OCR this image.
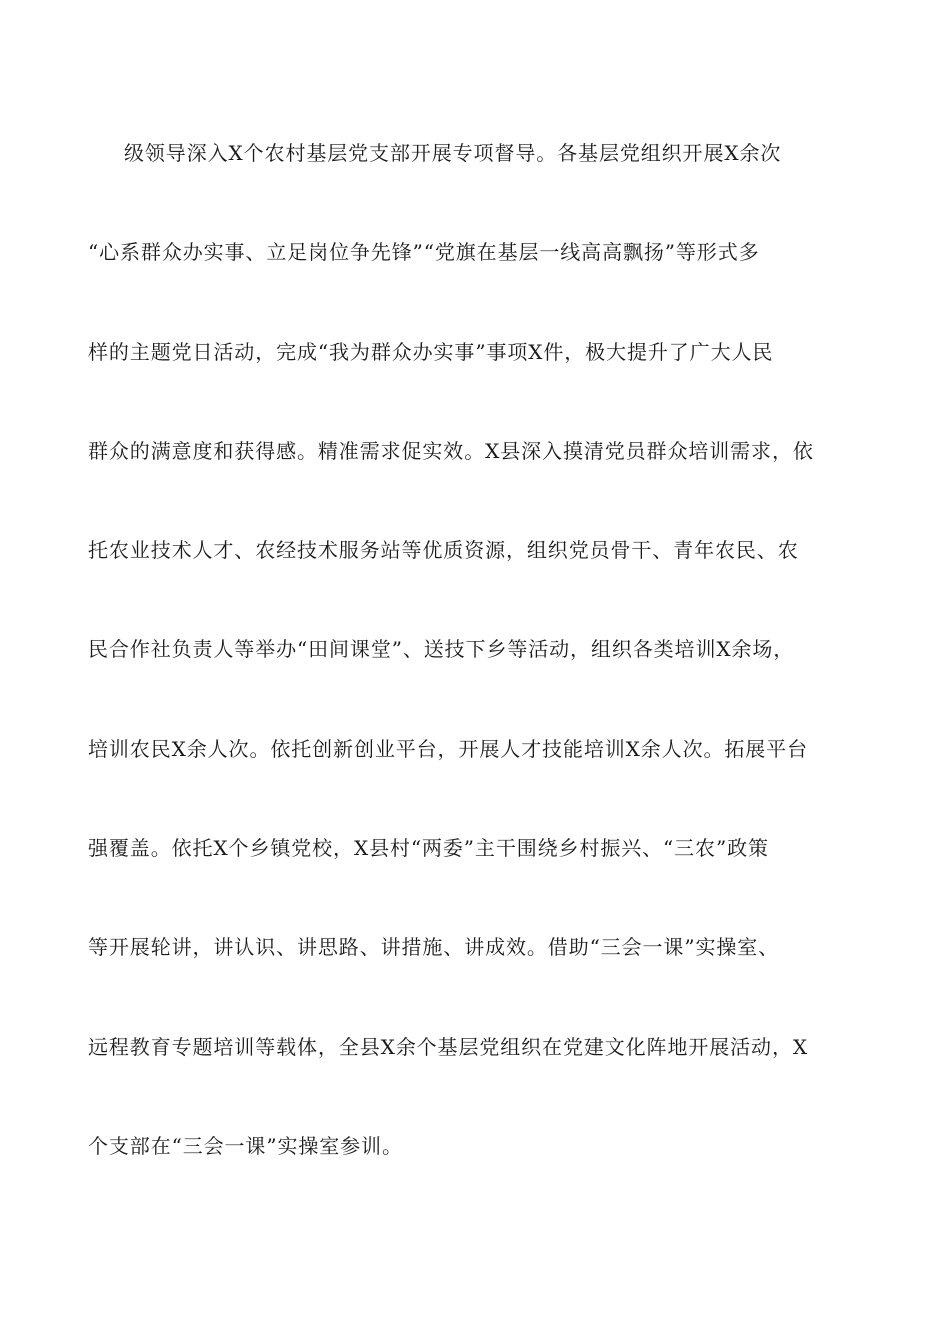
级领导深入X个农村基层党支部开展专项督导。各基层党组织开展X余次
“心系群众办实事、立足岗位争先锋”“党旗在基层一线高高飘扬”等形式多
样的主题党日活动，完成“我为群众办实事”事项X件，极大提升了广大人民
群众的满意度和获得感。精准需求促实效。X县深入摸清党员群众培训需求，依
托农业技术人才、农经技术服务站等优质资源，组织党员骨干、青年农民、农
民合作社负责人等举办“田间课堂”、送技下乡等活动，组织各类培训X余场，
培训农民X余人次。依托创新创业平台，开展人才技能培训X余人次。拓展平台
强覆盖。依托X个乡镇党校，X县村“两委”主干围绕乡村振兴、“三农”政策
等开展轮讲，讲认识、讲思路、讲措施、讲成效。借助“三会一课”实操室、
远程教育专题培训等载体，全县X余个基层党组织在党建文化阵地开展活动，X
个支部在“三会一课”实操室参训。
